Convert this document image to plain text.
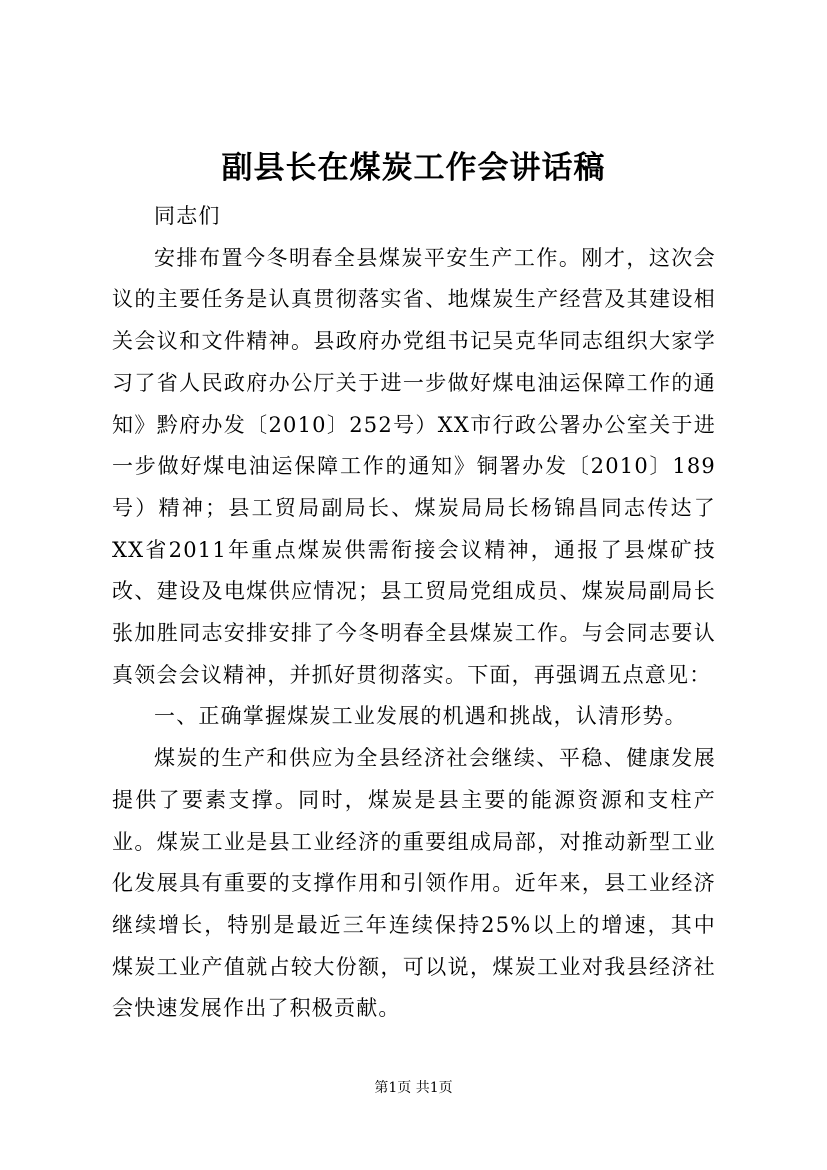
副县长在煤炭工作会讲话稿

同志们

安排布置今冬明春全县煤炭平安生产工作。刚才，这次会议的主要任务是认真贯彻落实省、地煤炭生产经营及其建设相关会议和文件精神。县政府办党组书记吴克华同志组织大家学习了省人民政府办公厅关于进一步做好煤电油运保障工作的通知》黔府办发〔2010〕252号）XX市行政公署办公室关于进一步做好煤电油运保障工作的通知》铜署办发〔2010〕189号）精神；县工贸局副局长、煤炭局局长杨锦昌同志传达了XX省2011年重点煤炭供需衔接会议精神，通报了县煤矿技改、建设及电煤供应情况；县工贸局党组成员、煤炭局副局长张加胜同志安排安排了今冬明春全县煤炭工作。与会同志要认真领会会议精神，并抓好贯彻落实。下面，再强调五点意见：

一、正确掌握煤炭工业发展的机遇和挑战，认清形势。

煤炭的生产和供应为全县经济社会继续、平稳、健康发展提供了要素支撑。同时，煤炭是县主要的能源资源和支柱产业。煤炭工业是县工业经济的重要组成局部，对推动新型工业化发展具有重要的支撑作用和引领作用。近年来，县工业经济继续增长，特别是最近三年连续保持25%以上的增速，其中煤炭工业产值就占较大份额，可以说，煤炭工业对我县经济社会快速发展作出了积极贡献。

第1页 共1页
